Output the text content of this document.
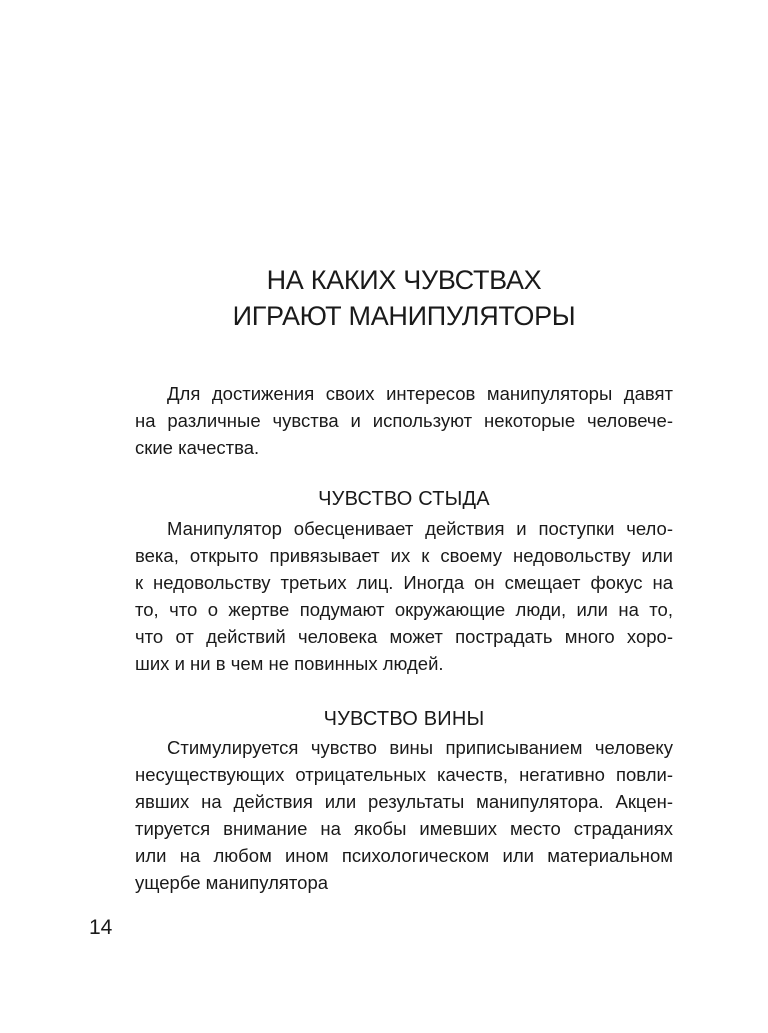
НА КАКИХ ЧУВСТВАХ
ИГРАЮТ МАНИПУЛЯТОРЫ
Для достижения своих интересов манипуляторы давят
на различные чувства и используют некоторые человече-
ские качества.
ЧУВСТВО СТЫДА
Манипулятор обесценивает действия и поступки чело-
века, открыто привязывает их к своему недовольству или
к недовольству третьих лиц. Иногда он смещает фокус на
то, что о жертве подумают окружающие люди, или на то,
что от действий человека может пострадать много хоро-
ших и ни в чем не повинных людей.
ЧУВСТВО ВИНЫ
Стимулируется чувство вины приписыванием человеку
несуществующих отрицательных качеств, негативно повли-
явших на действия или результаты манипулятора. Акцен-
тируется внимание на якобы имевших место страданиях
или на любом ином психологическом или материальном
ущербе манипулятора
14
